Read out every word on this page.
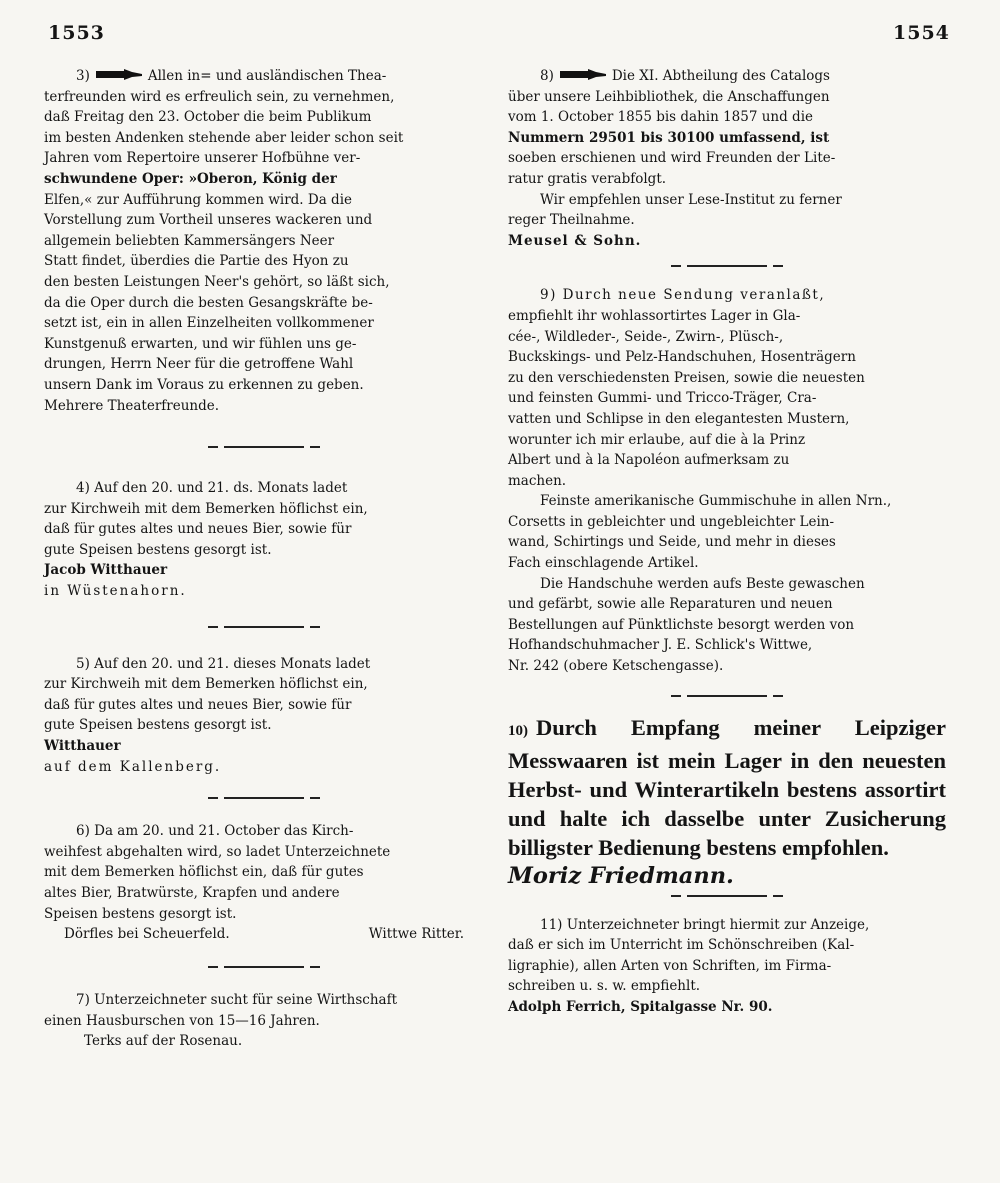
1553	1554

3)	Allen in= und ausländischen Thea-

terfreunden wird es erfreulich sein, zu vernehmen,

daß Freitag den 23. October die beim Publikum

im besten Andenken stehende aber leider schon seit

Jahren vom Repertoire unserer Hofbühne ver-

schwundene Oper: »Oberon, König der

Elfen,« zur Aufführung kommen wird. Da die

Vorstellung zum Vortheil unseres wackeren und

allgemein beliebten Kammersängers Neer

Statt findet, überdies die Partie des Hyon zu

den besten Leistungen Neer's gehört, so läßt sich,

da die Oper durch die besten Gesangskräfte be-

setzt ist, ein in allen Einzelheiten vollkommener

Kunstgenuß erwarten, und wir fühlen uns ge-

drungen, Herrn Neer für die getroffene Wahl

unsern Dank im Voraus zu erkennen zu geben.

Mehrere Theaterfreunde.

4) Auf den 20. und 21. ds. Monats ladet

zur Kirchweih mit dem Bemerken höflichst ein,

daß für gutes altes und neues Bier, sowie für

gute Speisen bestens gesorgt ist.

Jacob Witthauer

in Wüstenahorn.

5) Auf den 20. und 21. dieses Monats ladet

zur Kirchweih mit dem Bemerken höflichst ein,

daß für gutes altes und neues Bier, sowie für

gute Speisen bestens gesorgt ist.

Witthauer

auf dem Kallenberg.

6) Da am 20. und 21. October das Kirch-

weihfest abgehalten wird, so ladet Unterzeichnete

mit dem Bemerken höflichst ein, daß für gutes

altes Bier, Bratwürste, Krapfen und andere

Speisen bestens gesorgt ist.

Dörfles bei Scheuerfeld.	Wittwe Ritter.

7) Unterzeichneter sucht für seine Wirthschaft

einen Hausburschen von 15—16 Jahren.

Terks auf der Rosenau.

8)	Die XI. Abtheilung des Catalogs

über unsere Leihbibliothek, die Anschaffungen

vom 1. October 1855 bis dahin 1857 und die

Nummern 29501 bis 30100 umfassend, ist

soeben erschienen und wird Freunden der Lite-

ratur gratis verabfolgt.

Wir empfehlen unser Lese-Institut zu ferner

reger Theilnahme.

Meusel & Sohn.

9) Durch neue Sendung veranlaßt,

empfiehlt ihr wohlassortirtes Lager in Gla-

cée-, Wildleder-, Seide-, Zwirn-, Plüsch-,

Buckskings- und Pelz-Handschuhen, Hosenträgern

zu den verschiedensten Preisen, sowie die neuesten

und feinsten Gummi- und Tricco-Träger, Cra-

vatten und Schlipse in den elegantesten Mustern,

worunter ich mir erlaube, auf die à la Prinz

Albert und à la Napoléon aufmerksam zu

machen.

Feinste amerikanische Gummischuhe in allen Nrn.,

Corsetts in gebleichter und ungebleichter Lein-

wand, Schirtings und Seide, und mehr in dieses

Fach einschlagende Artikel.

Die Handschuhe werden aufs Beste gewaschen

und gefärbt, sowie alle Reparaturen und neuen

Bestellungen auf Pünktlichste besorgt werden von

Hofhandschuhmacher J. E. Schlick's Wittwe,

Nr. 242 (obere Ketschengasse).

10) Durch Empfang meiner Leipziger Messwaaren ist mein Lager in den neuesten Herbst- und Winterartikeln bestens assortirt und halte ich dasselbe unter Zusicherung billigster Bedienung bestens empfohlen.

Moriz Friedmann.

11) Unterzeichneter bringt hiermit zur Anzeige,

daß er sich im Unterricht im Schönschreiben (Kal-

ligraphie), allen Arten von Schriften, im Firma-

schreiben u. s. w. empfiehlt.

Adolph Ferrich, Spitalgasse Nr. 90.
